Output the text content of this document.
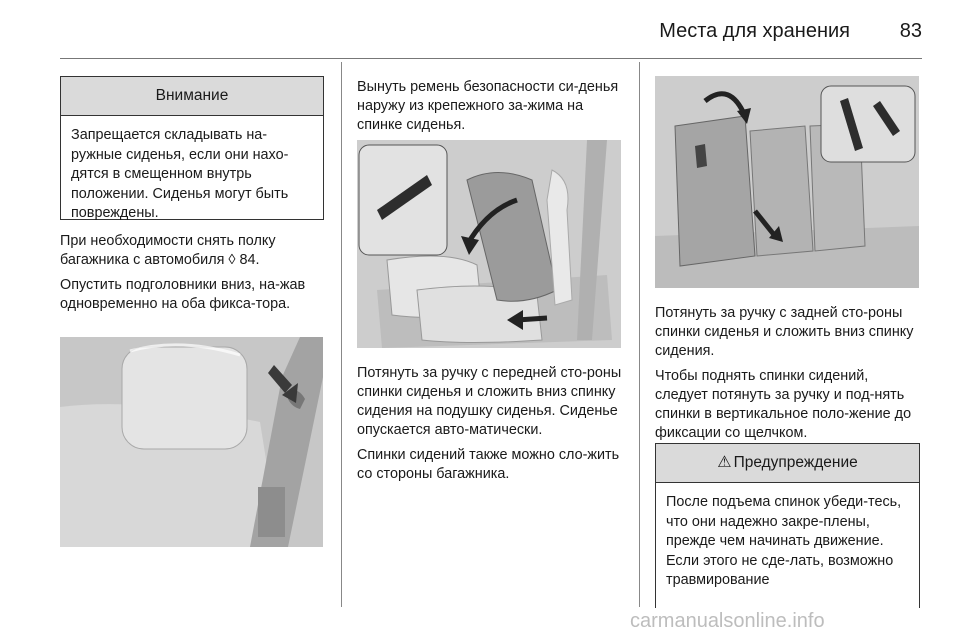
Места для хранения 83
Внимание
Запрещается складывать на-ружные сиденья, если они нахо-дятся в смещенном внутрь положении. Сиденья могут быть повреждены.

При необходимости снять полку багажника с автомобиля ◊ 84.

Опустить подголовники вниз, на-жав одновременно на оба фикса-тора.

Вынуть ремень безопасности си-денья наружу из крепежного за-жима на спинке сиденья.

Потянуть за ручку с передней сто-роны спинки сиденья и сложить вниз спинку сидения на подушку сиденья. Сиденье опускается авто-матически.

Спинки сидений также можно сло-жить со стороны багажника.

Потянуть за ручку с задней сто-роны спинки сиденья и сложить вниз спинку сидения.

Чтобы поднять спинки сидений, следует потянуть за ручку и под-нять спинки в вертикальное поло-жение до фиксации со щелчком.

⚠ Предупреждение
После подъема спинок убеди-тесь, что они надежно закре-плены, прежде чем начинать движение. Если этого не сде-лать, возможно травмирование
carmanualsonline.info
